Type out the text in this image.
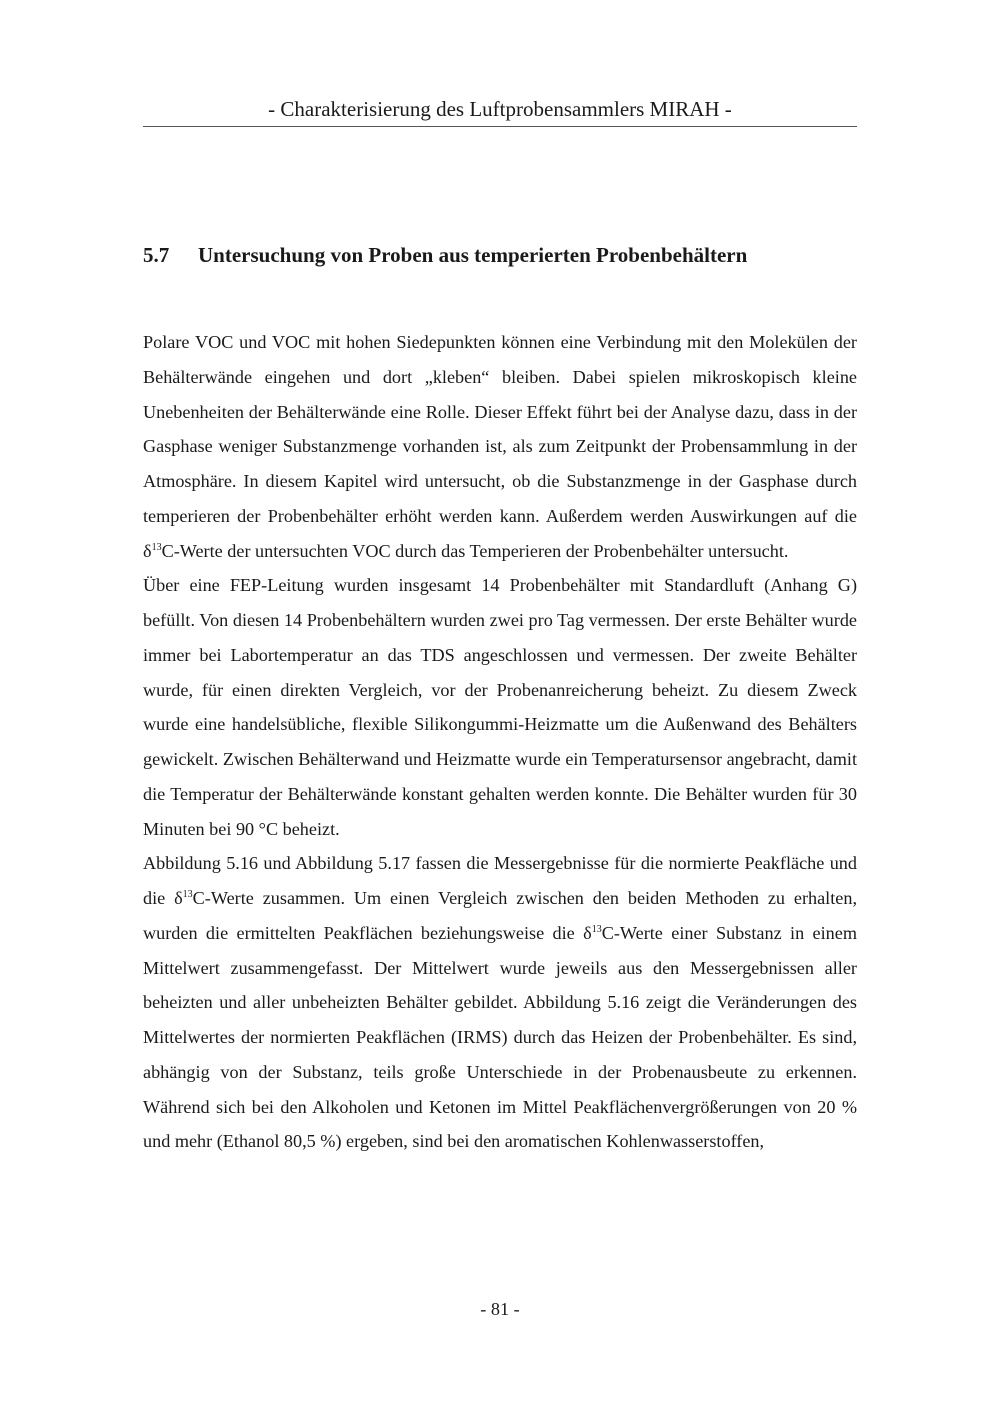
- Charakterisierung des Luftprobensammlers MIRAH -
5.7 Untersuchung von Proben aus temperierten Probenbehältern

Polare VOC und VOC mit hohen Siedepunkten können eine Verbindung mit den Molekülen der Behälterwände eingehen und dort „kleben“ bleiben. Dabei spielen mikroskopisch kleine Unebenheiten der Behälterwände eine Rolle. Dieser Effekt führt bei der Analyse dazu, dass in der Gasphase weniger Substanzmenge vorhanden ist, als zum Zeitpunkt der Probensammlung in der Atmosphäre. In diesem Kapitel wird untersucht, ob die Substanzmenge in der Gasphase durch temperieren der Probenbehälter erhöht werden kann. Außerdem werden Auswirkungen auf die $\delta^{13}C$-Werte der untersuchten VOC durch das Temperieren der Probenbehälter untersucht.

Über eine FEP-Leitung wurden insgesamt 14 Probenbehälter mit Standardluft (Anhang G) befüllt. Von diesen 14 Probenbehältern wurden zwei pro Tag vermessen. Der erste Behälter wurde immer bei Labortemperatur an das TDS angeschlossen und vermessen. Der zweite Behälter wurde, für einen direkten Vergleich, vor der Probenanreicherung beheizt. Zu diesem Zweck wurde eine handelsübliche, flexible Silikongummi-Heizmatte um die Außenwand des Behälters gewickelt. Zwischen Behälterwand und Heizmatte wurde ein Temperatursensor angebracht, damit die Temperatur der Behälterwände konstant gehalten werden konnte. Die Behälter wurden für 30 Minuten bei 90 °C beheizt.

Abbildung 5.16 und Abbildung 5.17 fassen die Messergebnisse für die normierte Peakfläche und die $\delta^{13}C$-Werte zusammen. Um einen Vergleich zwischen den beiden Methoden zu erhalten, wurden die ermittelten Peakflächen beziehungsweise die $\delta^{13}C$-Werte einer Substanz in einem Mittelwert zusammengefasst. Der Mittelwert wurde jeweils aus den Messergebnissen aller beheizten und aller unbeheizten Behälter gebildet. Abbildung 5.16 zeigt die Veränderungen des Mittelwertes der normierten Peakflächen (IRMS) durch das Heizen der Probenbehälter. Es sind, abhängig von der Substanz, teils große Unterschiede in der Probenausbeute zu erkennen. Während sich bei den Alkoholen und Ketonen im Mittel Peakflächenvergrößerungen von 20 % und mehr (Ethanol 80,5 %) ergeben, sind bei den aromatischen Kohlenwasserstoffen,

- 81 -
